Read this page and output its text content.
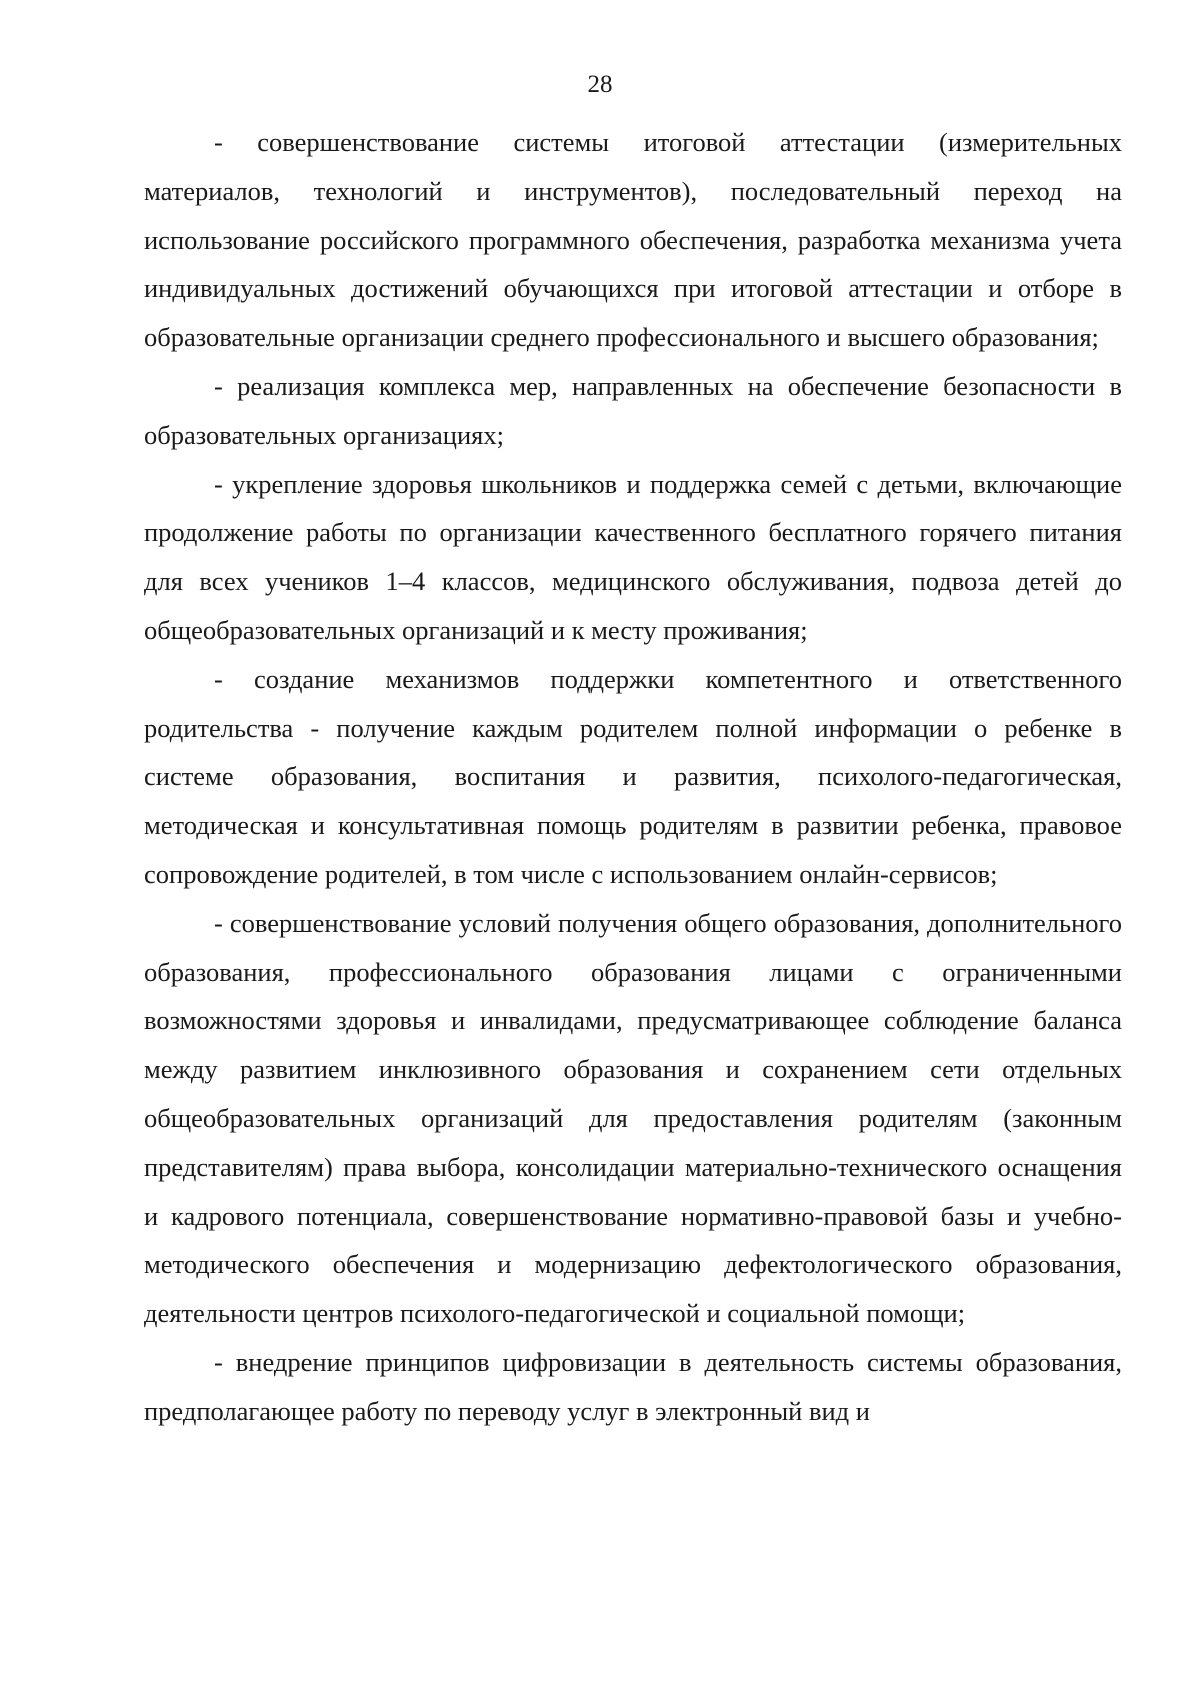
28

- совершенствование системы итоговой аттестации (измерительных материалов, технологий и инструментов), последовательный переход на использование российского программного обеспечения, разработка механизма учета индивидуальных достижений обучающихся при итоговой аттестации и отборе в образовательные организации среднего профессионального и высшего образования;

- реализация комплекса мер, направленных на обеспечение безопасности в образовательных организациях;

- укрепление здоровья школьников и поддержка семей с детьми, включающие продолжение работы по организации качественного бесплатного горячего питания для всех учеников 1–4 классов, медицинского обслуживания, подвоза детей до общеобразовательных организаций и к месту проживания;

- создание механизмов поддержки компетентного и ответственного родительства - получение каждым родителем полной информации о ребенке в системе образования, воспитания и развития, психолого-педагогическая, методическая и консультативная помощь родителям в развитии ребенка, правовое сопровождение родителей, в том числе с использованием онлайн-сервисов;

- совершенствование условий получения общего образования, дополнительного образования, профессионального образования лицами с ограниченными возможностями здоровья и инвалидами, предусматривающее соблюдение баланса между развитием инклюзивного образования и сохранением сети отдельных общеобразовательных организаций для предоставления родителям (законным представителям) права выбора, консолидации материально-технического оснащения и кадрового потенциала, совершенствование нормативно-правовой базы и учебно-методического обеспечения и модернизацию дефектологического образования, деятельности центров психолого-педагогической и социальной помощи;

- внедрение принципов цифровизации в деятельность системы образования, предполагающее работу по переводу услуг в электронный вид и
